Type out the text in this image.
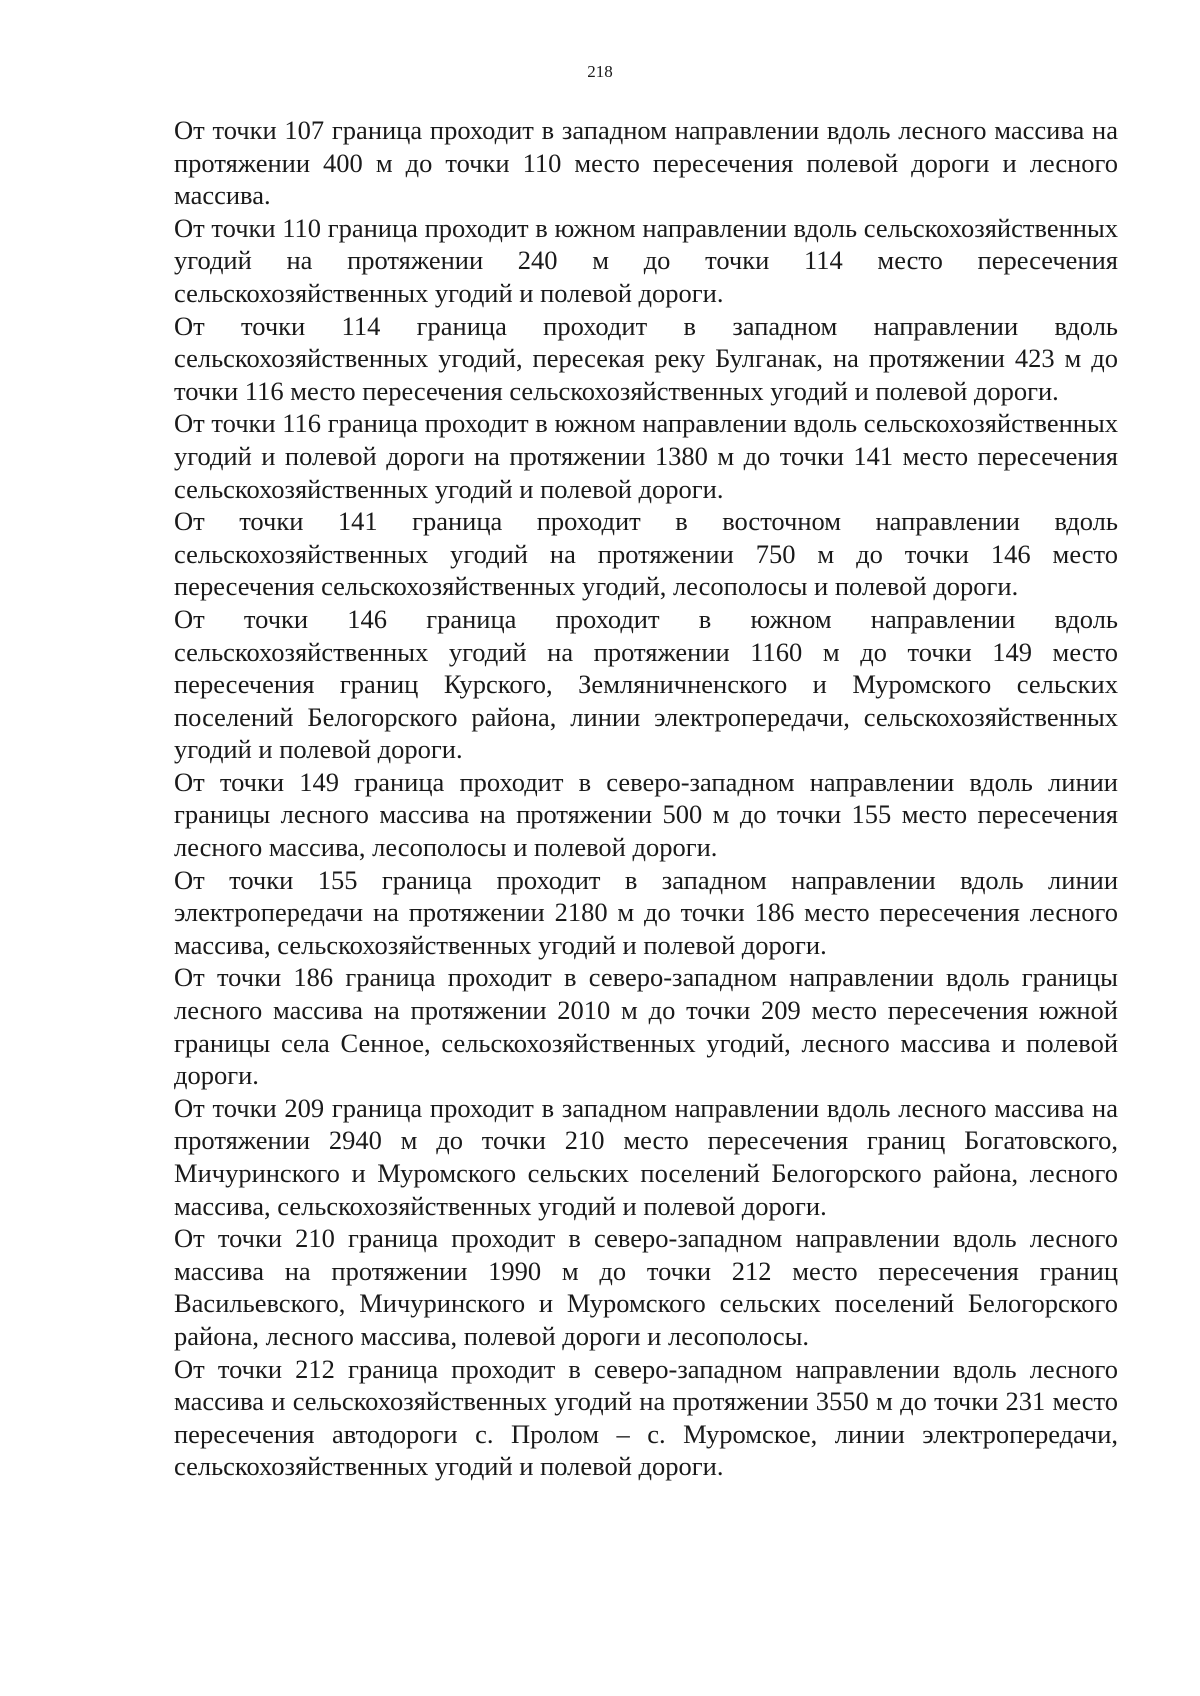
218

От точки 107 граница проходит в западном направлении вдоль лесного массива на протяжении 400 м до точки 110 место пересечения полевой дороги и лесного массива.

От точки 110 граница проходит в южном направлении вдоль сельскохозяйственных угодий на протяжении 240 м до точки 114 место пересечения сельскохозяйственных угодий и полевой дороги.

От точки 114 граница проходит в западном направлении вдоль сельскохозяйственных угодий, пересекая реку Булганак, на протяжении 423 м до точки 116 место пересечения сельскохозяйственных угодий и полевой дороги.

От точки 116 граница проходит в южном направлении вдоль сельскохозяйственных угодий и полевой дороги на протяжении 1380 м до точки 141 место пересечения сельскохозяйственных угодий и полевой дороги.

От точки 141 граница проходит в восточном направлении вдоль сельскохозяйственных угодий на протяжении 750 м до точки 146 место пересечения сельскохозяйственных угодий, лесополосы и полевой дороги.

От точки 146 граница проходит в южном направлении вдоль сельскохозяйственных угодий на протяжении 1160 м до точки 149 место пересечения границ Курского, Земляничненского и Муромского сельских поселений Белогорского района, линии электропередачи, сельскохозяйственных угодий и полевой дороги.

От точки 149 граница проходит в северо-западном направлении вдоль линии границы лесного массива на протяжении 500 м до точки 155 место пересечения лесного массива, лесополосы и полевой дороги.

От точки 155 граница проходит в западном направлении вдоль линии электропередачи на протяжении 2180 м до точки 186 место пересечения лесного массива, сельскохозяйственных угодий и полевой дороги.

От точки 186 граница проходит в северо-западном направлении вдоль границы лесного массива на протяжении 2010 м до точки 209 место пересечения южной границы села Сенное, сельскохозяйственных угодий, лесного массива и полевой дороги.

От точки 209 граница проходит в западном направлении вдоль лесного массива на протяжении 2940 м до точки 210 место пересечения границ Богатовского, Мичуринского и Муромского сельских поселений Белогорского района, лесного массива, сельскохозяйственных угодий и полевой дороги.

От точки 210 граница проходит в северо-западном направлении вдоль лесного массива на протяжении 1990 м до точки 212 место пересечения границ Васильевского, Мичуринского и Муромского сельских поселений Белогорского района, лесного массива, полевой дороги и лесополосы.

От точки 212 граница проходит в северо-западном направлении вдоль лесного массива и сельскохозяйственных угодий на протяжении 3550 м до точки 231 место пересечения автодороги с. Пролом – с. Муромское, линии электропередачи, сельскохозяйственных угодий и полевой дороги.
